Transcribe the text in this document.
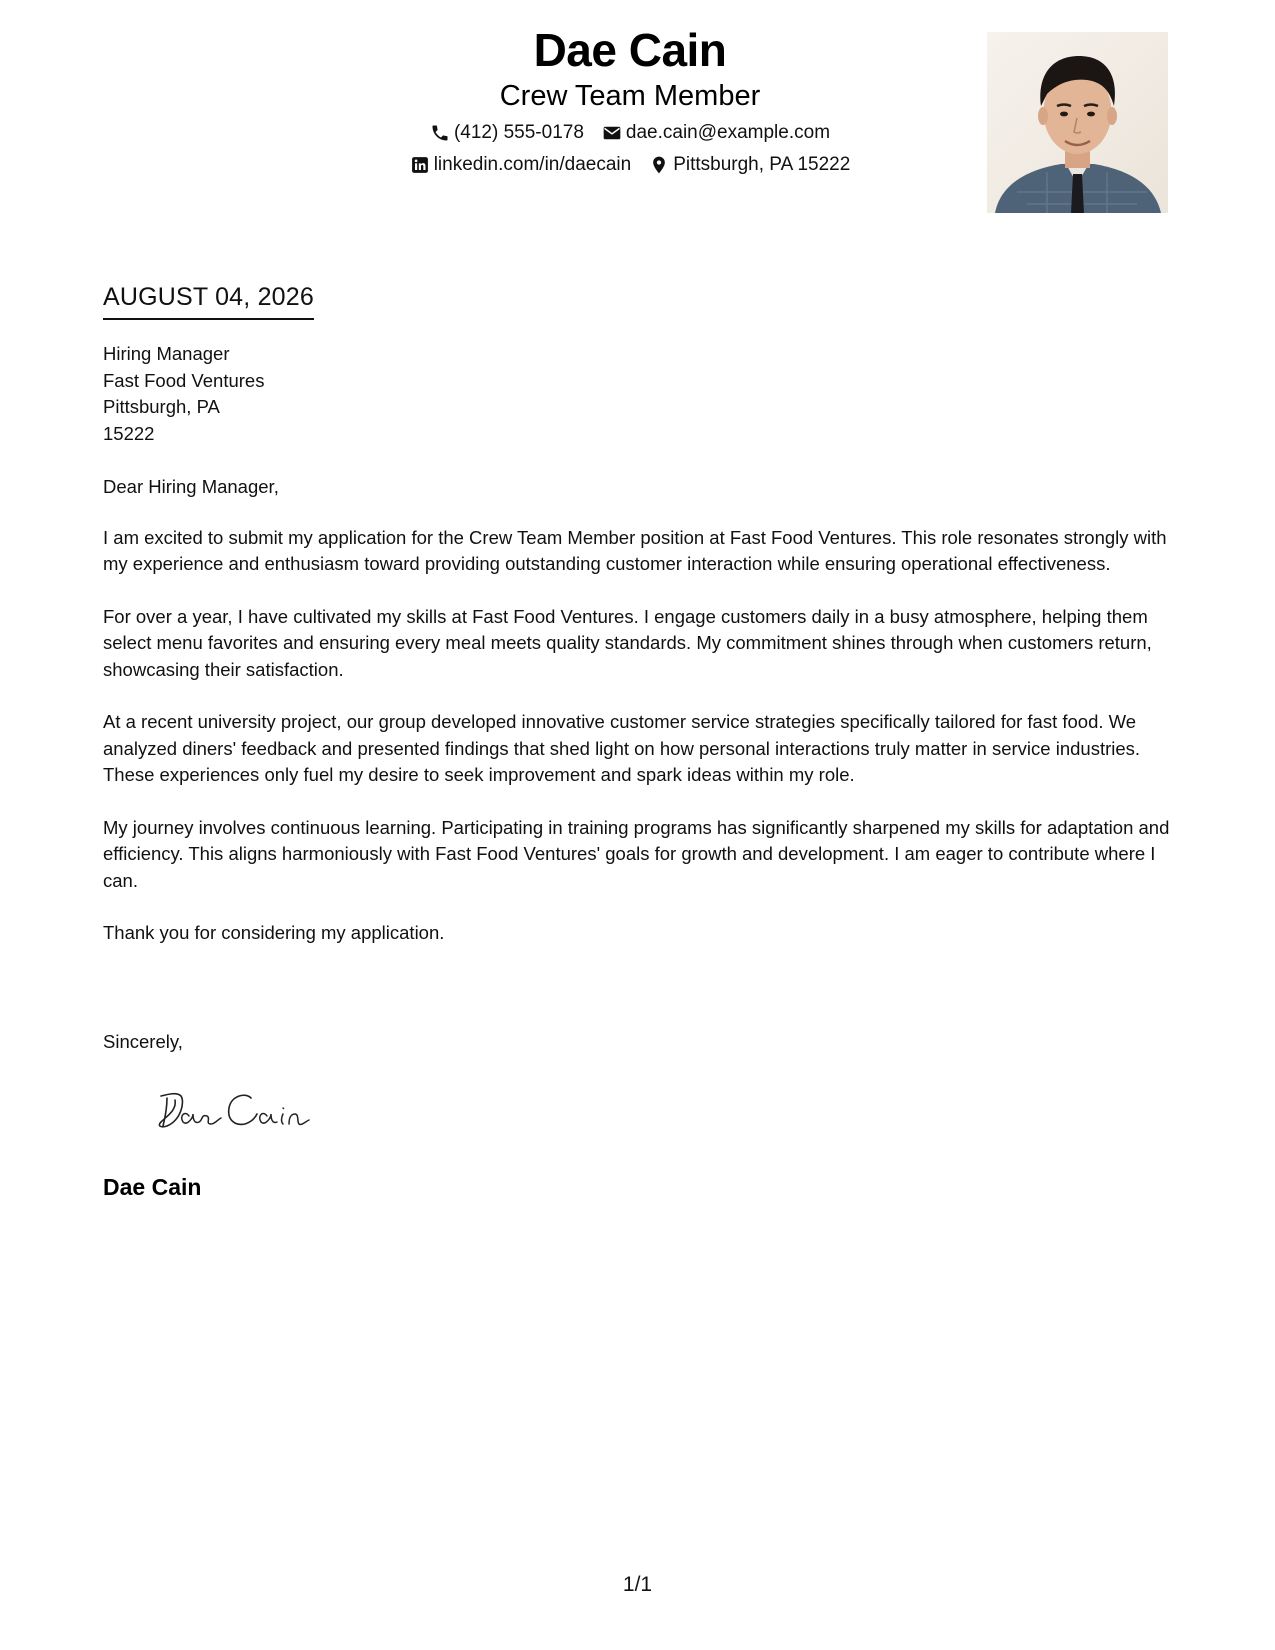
Dae Cain
Crew Team Member
(412) 555-0178 dae.cain@example.com
linkedin.com/in/daecain Pittsburgh, PA 15222
AUGUST 04, 2026
Hiring Manager
Fast Food Ventures
Pittsburgh, PA
15222

Dear Hiring Manager,

I am excited to submit my application for the Crew Team Member position at Fast Food Ventures. This role resonates strongly with my experience and enthusiasm toward providing outstanding customer interaction while ensuring operational effectiveness.

For over a year, I have cultivated my skills at Fast Food Ventures. I engage customers daily in a busy atmosphere, helping them select menu favorites and ensuring every meal meets quality standards. My commitment shines through when customers return, showcasing their satisfaction.

At a recent university project, our group developed innovative customer service strategies specifically tailored for fast food. We analyzed diners' feedback and presented findings that shed light on how personal interactions truly matter in service industries. These experiences only fuel my desire to seek improvement and spark ideas within my role.

My journey involves continuous learning. Participating in training programs has significantly sharpened my skills for adaptation and efficiency. This aligns harmoniously with Fast Food Ventures' goals for growth and development. I am eager to contribute where I can.

Thank you for considering my application.

Sincerely,
Dae Cain
1/1
